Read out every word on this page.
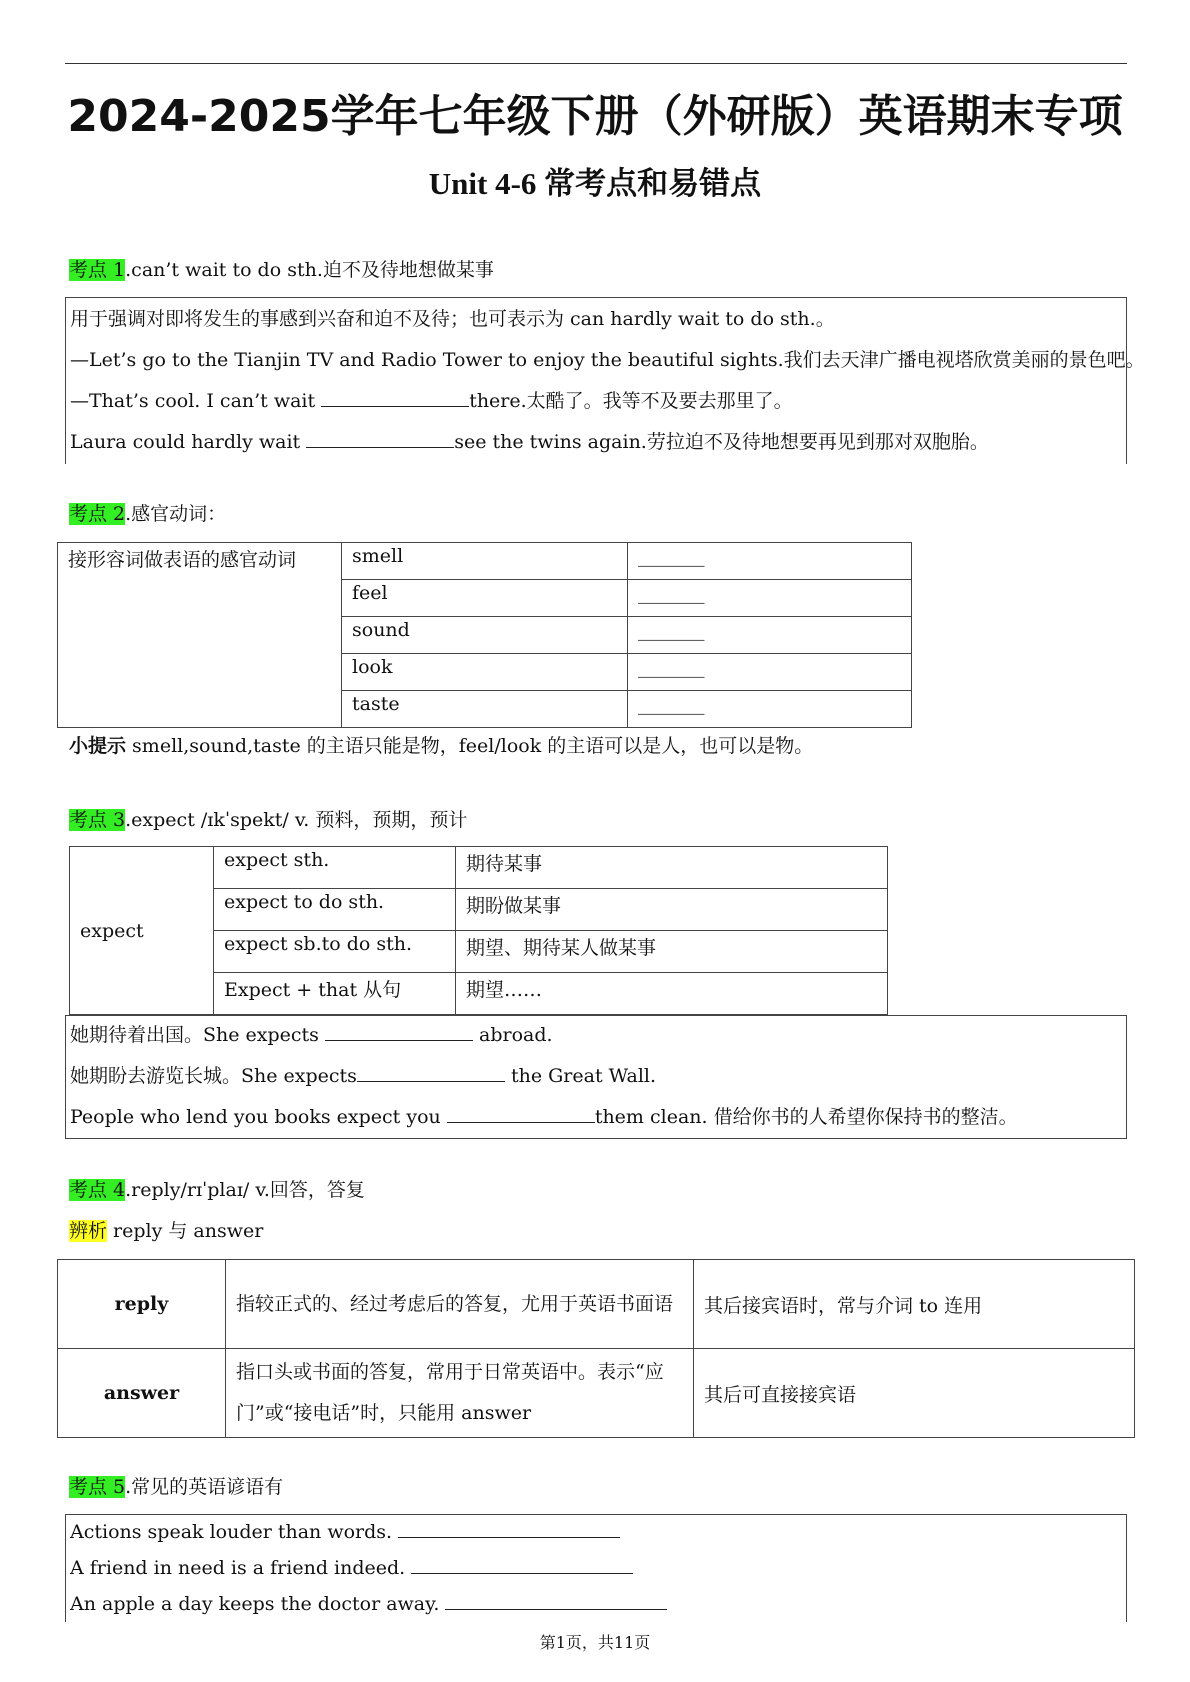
2024-2025学年七年级下册（外研版）英语期末专项
Unit 4-6 常考点和易错点
考点 1.can’t wait to do sth.迫不及待地想做某事
用于强调对即将发生的事感到兴奋和迫不及待；也可表示为 can hardly wait to do sth.。
—Let’s go to the Tianjin TV and Radio Tower to enjoy the beautiful sights.我们去天津广播电视塔欣赏美丽的景色吧。
—That’s cool. I can’t wait	there.太酷了。我等不及要去那里了。
Laura could hardly wait	see the twins again.劳拉迫不及待地想要再见到那对双胞胎。
考点 2.感官动词：
接形容词做表语的感官动词	smell	_______
	feel	_______
	sound	_______
	look	_______
	taste	_______
小提示 smell,sound,taste 的主语只能是物，feel/look 的主语可以是人，也可以是物。
考点 3.expect /ɪkˈspekt/ v. 预料，预期，预计
expect	expect sth.	期待某事
	expect to do sth.	期盼做某事
	expect sb.to do sth.	期望、期待某人做某事
	Expect + that 从句	期望……
她期待着出国。She expects	abroad.
她期盼去游览长城。She expects	the Great Wall.
People who lend you books expect you	them clean. 借给你书的人希望你保持书的整洁。
考点 4.reply/rɪˈplaɪ/ v.回答，答复
辨析 reply 与 answer
reply	指较正式的、经过考虑后的答复，尤用于英语书面语	其后接宾语时，常与介词 to 连用
answer	指口头或书面的答复，常用于日常英语中。表示“应门”或“接电话”时，只能用 answer	其后可直接接宾语
考点 5.常见的英语谚语有
Actions speak louder than words.
A friend in need is a friend indeed.
An apple a day keeps the doctor away.
第1页，共11页
